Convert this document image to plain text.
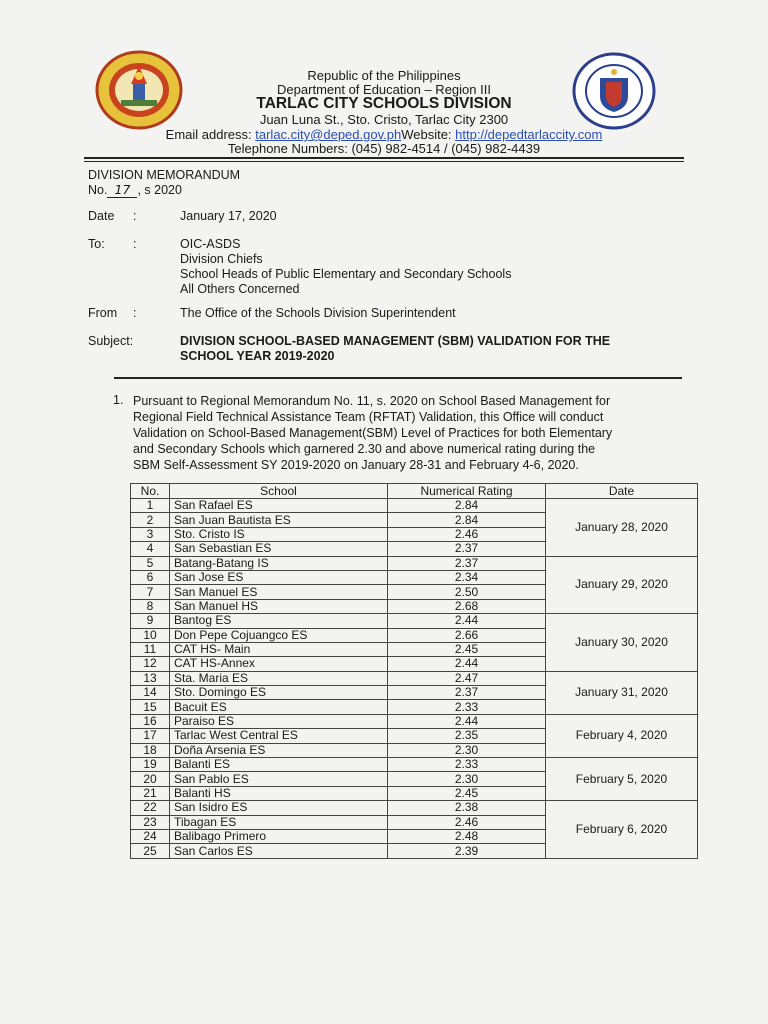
Republic of the Philippines
Department of Education – Region III
TARLAC CITY SCHOOLS DIVISION
Juan Luna St., Sto. Cristo, Tarlac City 2300
Email address: tarlac.city@deped.gov.phWebsite: http://depedtarlaccity.com
Telephone Numbers: (045) 982-4514 / (045) 982-4439
DIVISION MEMORANDUM
No. 17 , s 2020
Date :	January 17, 2020
To: :	OIC-ASDS
Division Chiefs
School Heads of Public Elementary and Secondary Schools
All Others Concerned
From :	The Office of the Schools Division Superintendent
Subject:	DIVISION SCHOOL-BASED MANAGEMENT (SBM) VALIDATION FOR THE
SCHOOL YEAR 2019-2020
1. Pursuant to Regional Memorandum No. 11, s. 2020 on School Based Management for
Regional Field Technical Assistance Team (RFTAT) Validation, this Office will conduct
Validation on School-Based Management(SBM) Level of Practices for both Elementary
and Secondary Schools which garnered 2.30 and above numerical rating during the
SBM Self-Assessment SY 2019-2020 on January 28-31 and February 4-6, 2020.
No.	School	Numerical Rating	Date
1	San Rafael ES	2.84	January 28, 2020
2	San Juan Bautista ES	2.84	
3	Sto. Cristo IS	2.46	
4	San Sebastian ES	2.37	
5	Batang-Batang IS	2.37	January 29, 2020
6	San Jose ES	2.34	
7	San Manuel ES	2.50	
8	San Manuel HS	2.68	
9	Bantog ES	2.44	January 30, 2020
10	Don Pepe Cojuangco ES	2.66	
11	CAT HS- Main	2.45	
12	CAT HS-Annex	2.44	
13	Sta. Maria ES	2.47	January 31, 2020
14	Sto. Domingo ES	2.37	
15	Bacuit ES	2.33	
16	Paraiso ES	2.44	February 4, 2020
17	Tarlac West Central ES	2.35	
18	Doña Arsenia ES	2.30	
19	Balanti ES	2.33	February 5, 2020
20	San Pablo ES	2.30	
21	Balanti HS	2.45	
22	San Isidro ES	2.38	February 6, 2020
23	Tibagan ES	2.46	
24	Balibago Primero	2.48	
25	San Carlos ES	2.39	
